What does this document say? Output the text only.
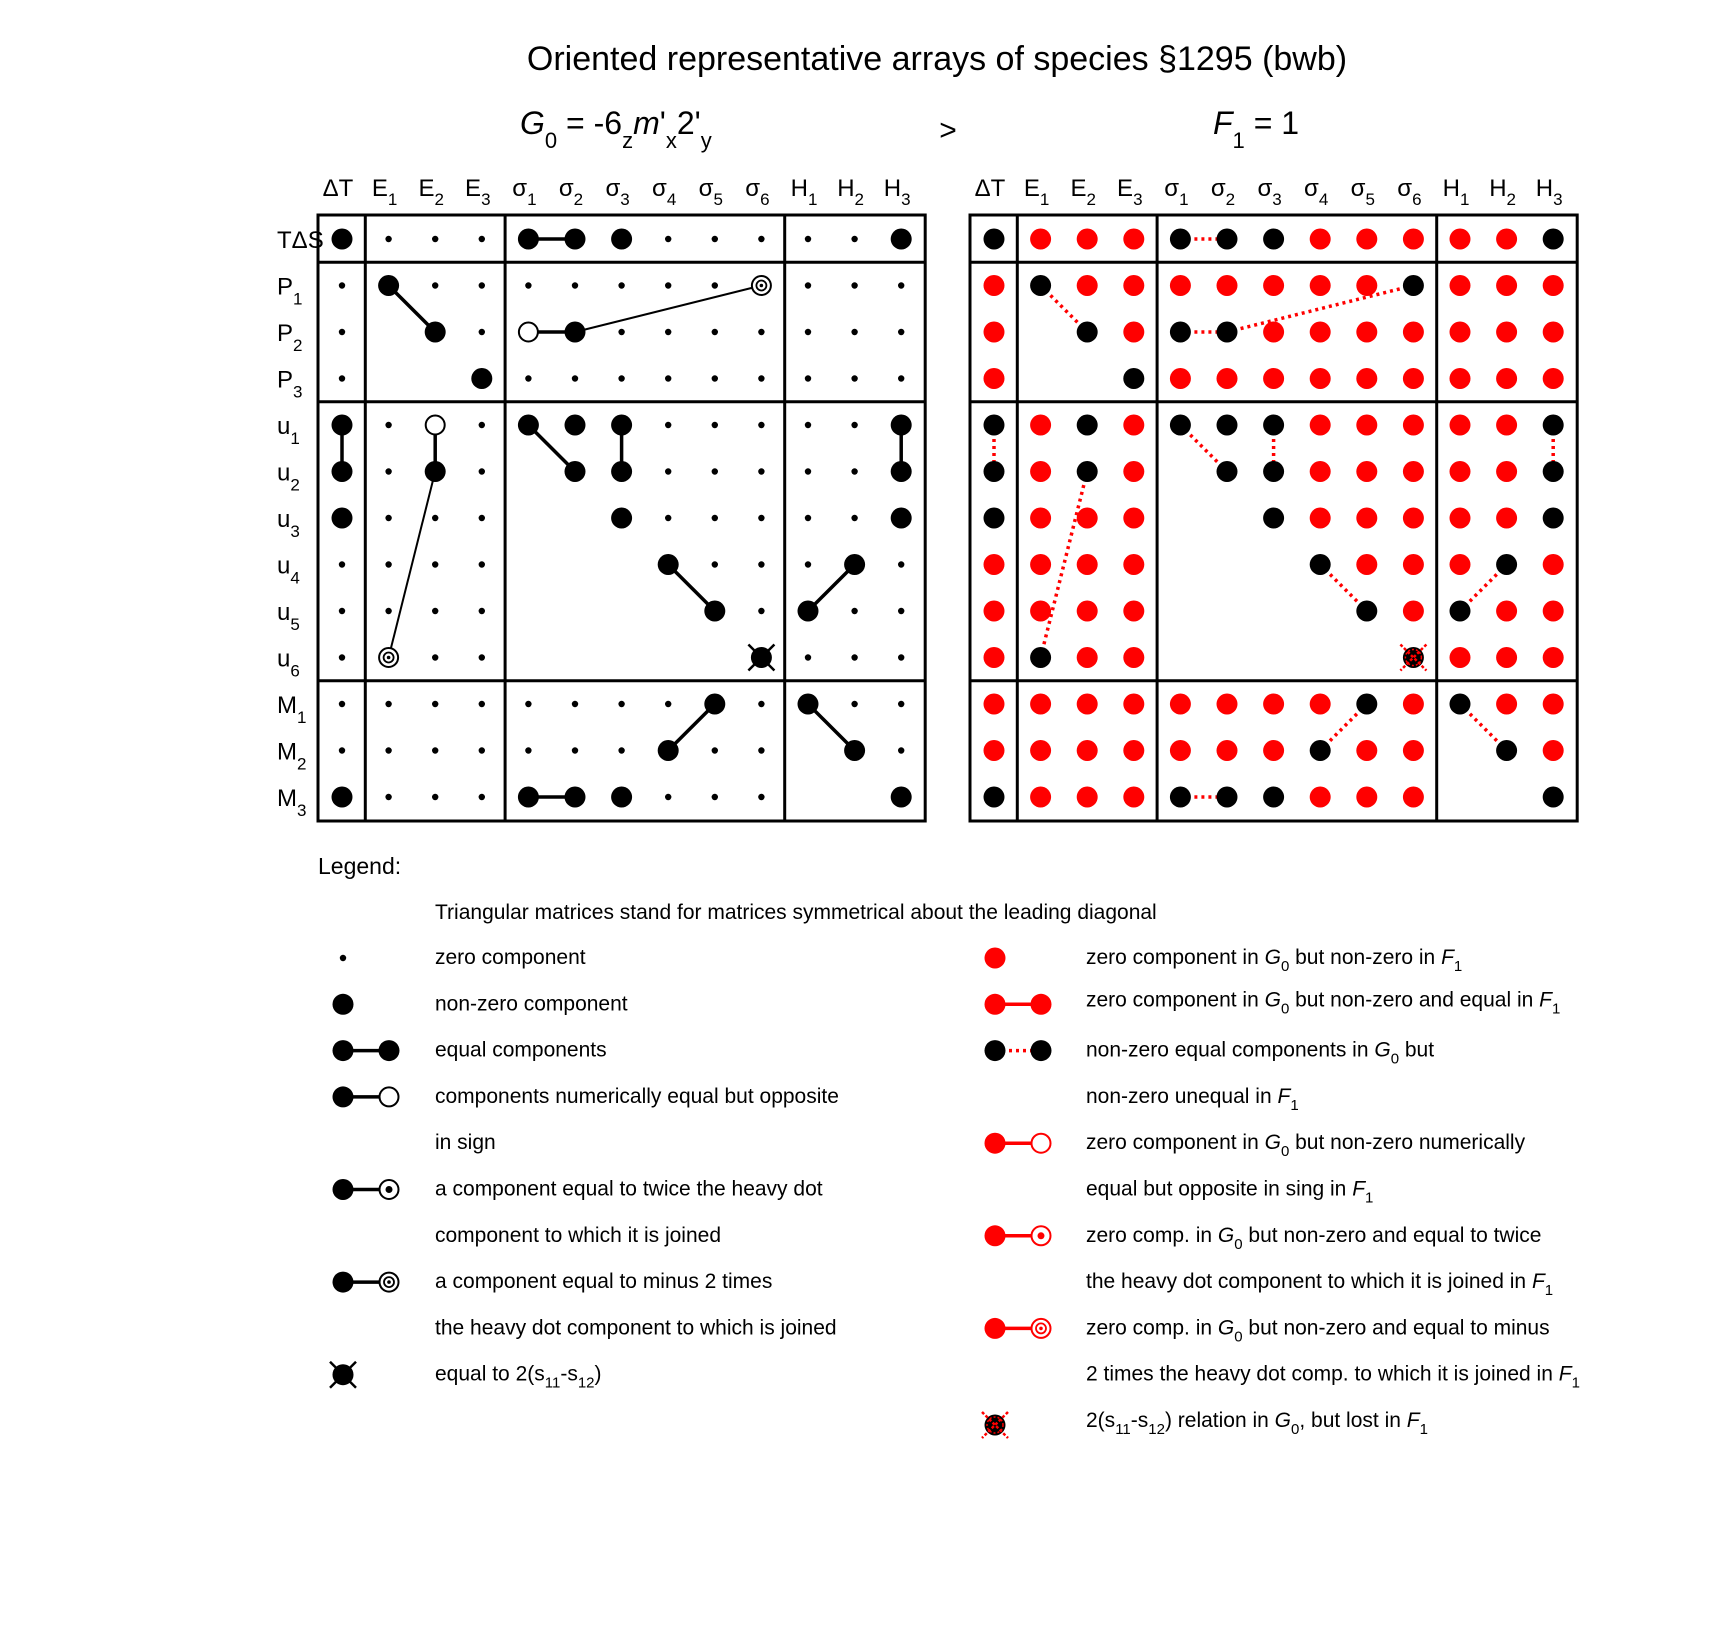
Oriented representative arrays of species §1295 (bwb)
$G_0 = -6_zm'_x2'_y$	>	$F_1 = 1$
ΔT $E_1$ $E_2$ $E_3$ $\sigma_1$ $\sigma_2$ $\sigma_3$ $\sigma_4$ $\sigma_5$ $\sigma_6$ $H_1$ $H_2$ $H_3$
TΔS
$P_1$
$P_2$
$P_3$
$u_1$
$u_2$
$u_3$
$u_4$
$u_5$
$u_6$
$M_1$
$M_2$
$M_3$
ΔT $E_1$ $E_2$ $E_3$ $\sigma_1$ $\sigma_2$ $\sigma_3$ $\sigma_4$ $\sigma_5$ $\sigma_6$ $H_1$ $H_2$ $H_3$
Legend:
Triangular matrices stand for matrices symmetrical about the leading diagonal
zero component
non-zero component
equal components
components numerically equal but opposite
in sign
a component equal to twice the heavy dot
component to which it is joined
a component equal to minus 2 times
the heavy dot component to which is joined
equal to $2(s_{11}-s_{12})$
zero component in $G_0$ but non-zero in $F_1$
zero component in $G_0$ but non-zero and equal in $F_1$
non-zero equal components in $G_0$ but
non-zero unequal in $F_1$
zero component in $G_0$ but non-zero numerically
equal but opposite in sing in $F_1$
zero comp. in $G_0$ but non-zero and equal to twice
the heavy dot component to which it is joined in $F_1$
zero comp. in $G_0$ but non-zero and equal to minus
2 times the heavy dot comp. to which it is joined in $F_1$
$2(s_{11}-s_{12})$ relation in $G_0$, but lost in $F_1$
